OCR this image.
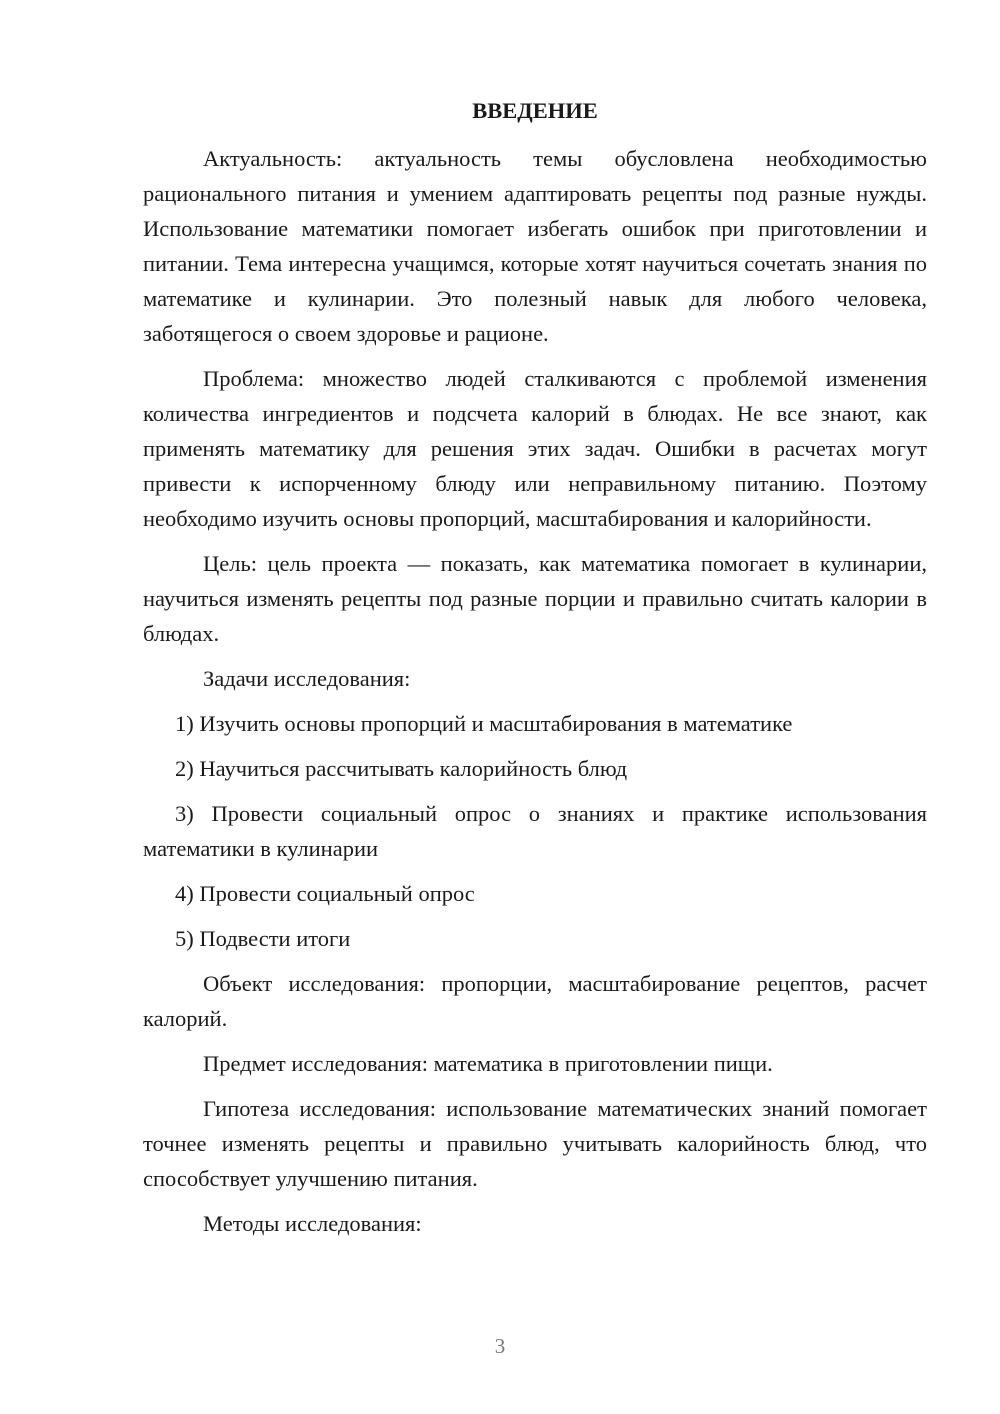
ВВЕДЕНИЕ

Актуальность: актуальность темы обусловлена необходимостью рационального питания и умением адаптировать рецепты под разные нужды. Использование математики помогает избегать ошибок при приготовлении и питании. Тема интересна учащимся, которые хотят научиться сочетать знания по математике и кулинарии. Это полезный навык для любого человека, заботящегося о своем здоровье и рационе.

Проблема: множество людей сталкиваются с проблемой изменения количества ингредиентов и подсчета калорий в блюдах. Не все знают, как применять математику для решения этих задач. Ошибки в расчетах могут привести к испорченному блюду или неправильному питанию. Поэтому необходимо изучить основы пропорций, масштабирования и калорийности.

Цель: цель проекта — показать, как математика помогает в кулинарии, научиться изменять рецепты под разные порции и правильно считать калории в блюдах.

Задачи исследования:

1) Изучить основы пропорций и масштабирования в математике

2) Научиться рассчитывать калорийность блюд

3) Провести социальный опрос о знаниях и практике использования математики в кулинарии

4) Провести социальный опрос

5) Подвести итоги

Объект исследования: пропорции, масштабирование рецептов, расчет калорий.

Предмет исследования: математика в приготовлении пищи.

Гипотеза исследования: использование математических знаний помогает точнее изменять рецепты и правильно учитывать калорийность блюд, что способствует улучшению питания.

Методы исследования:

3
